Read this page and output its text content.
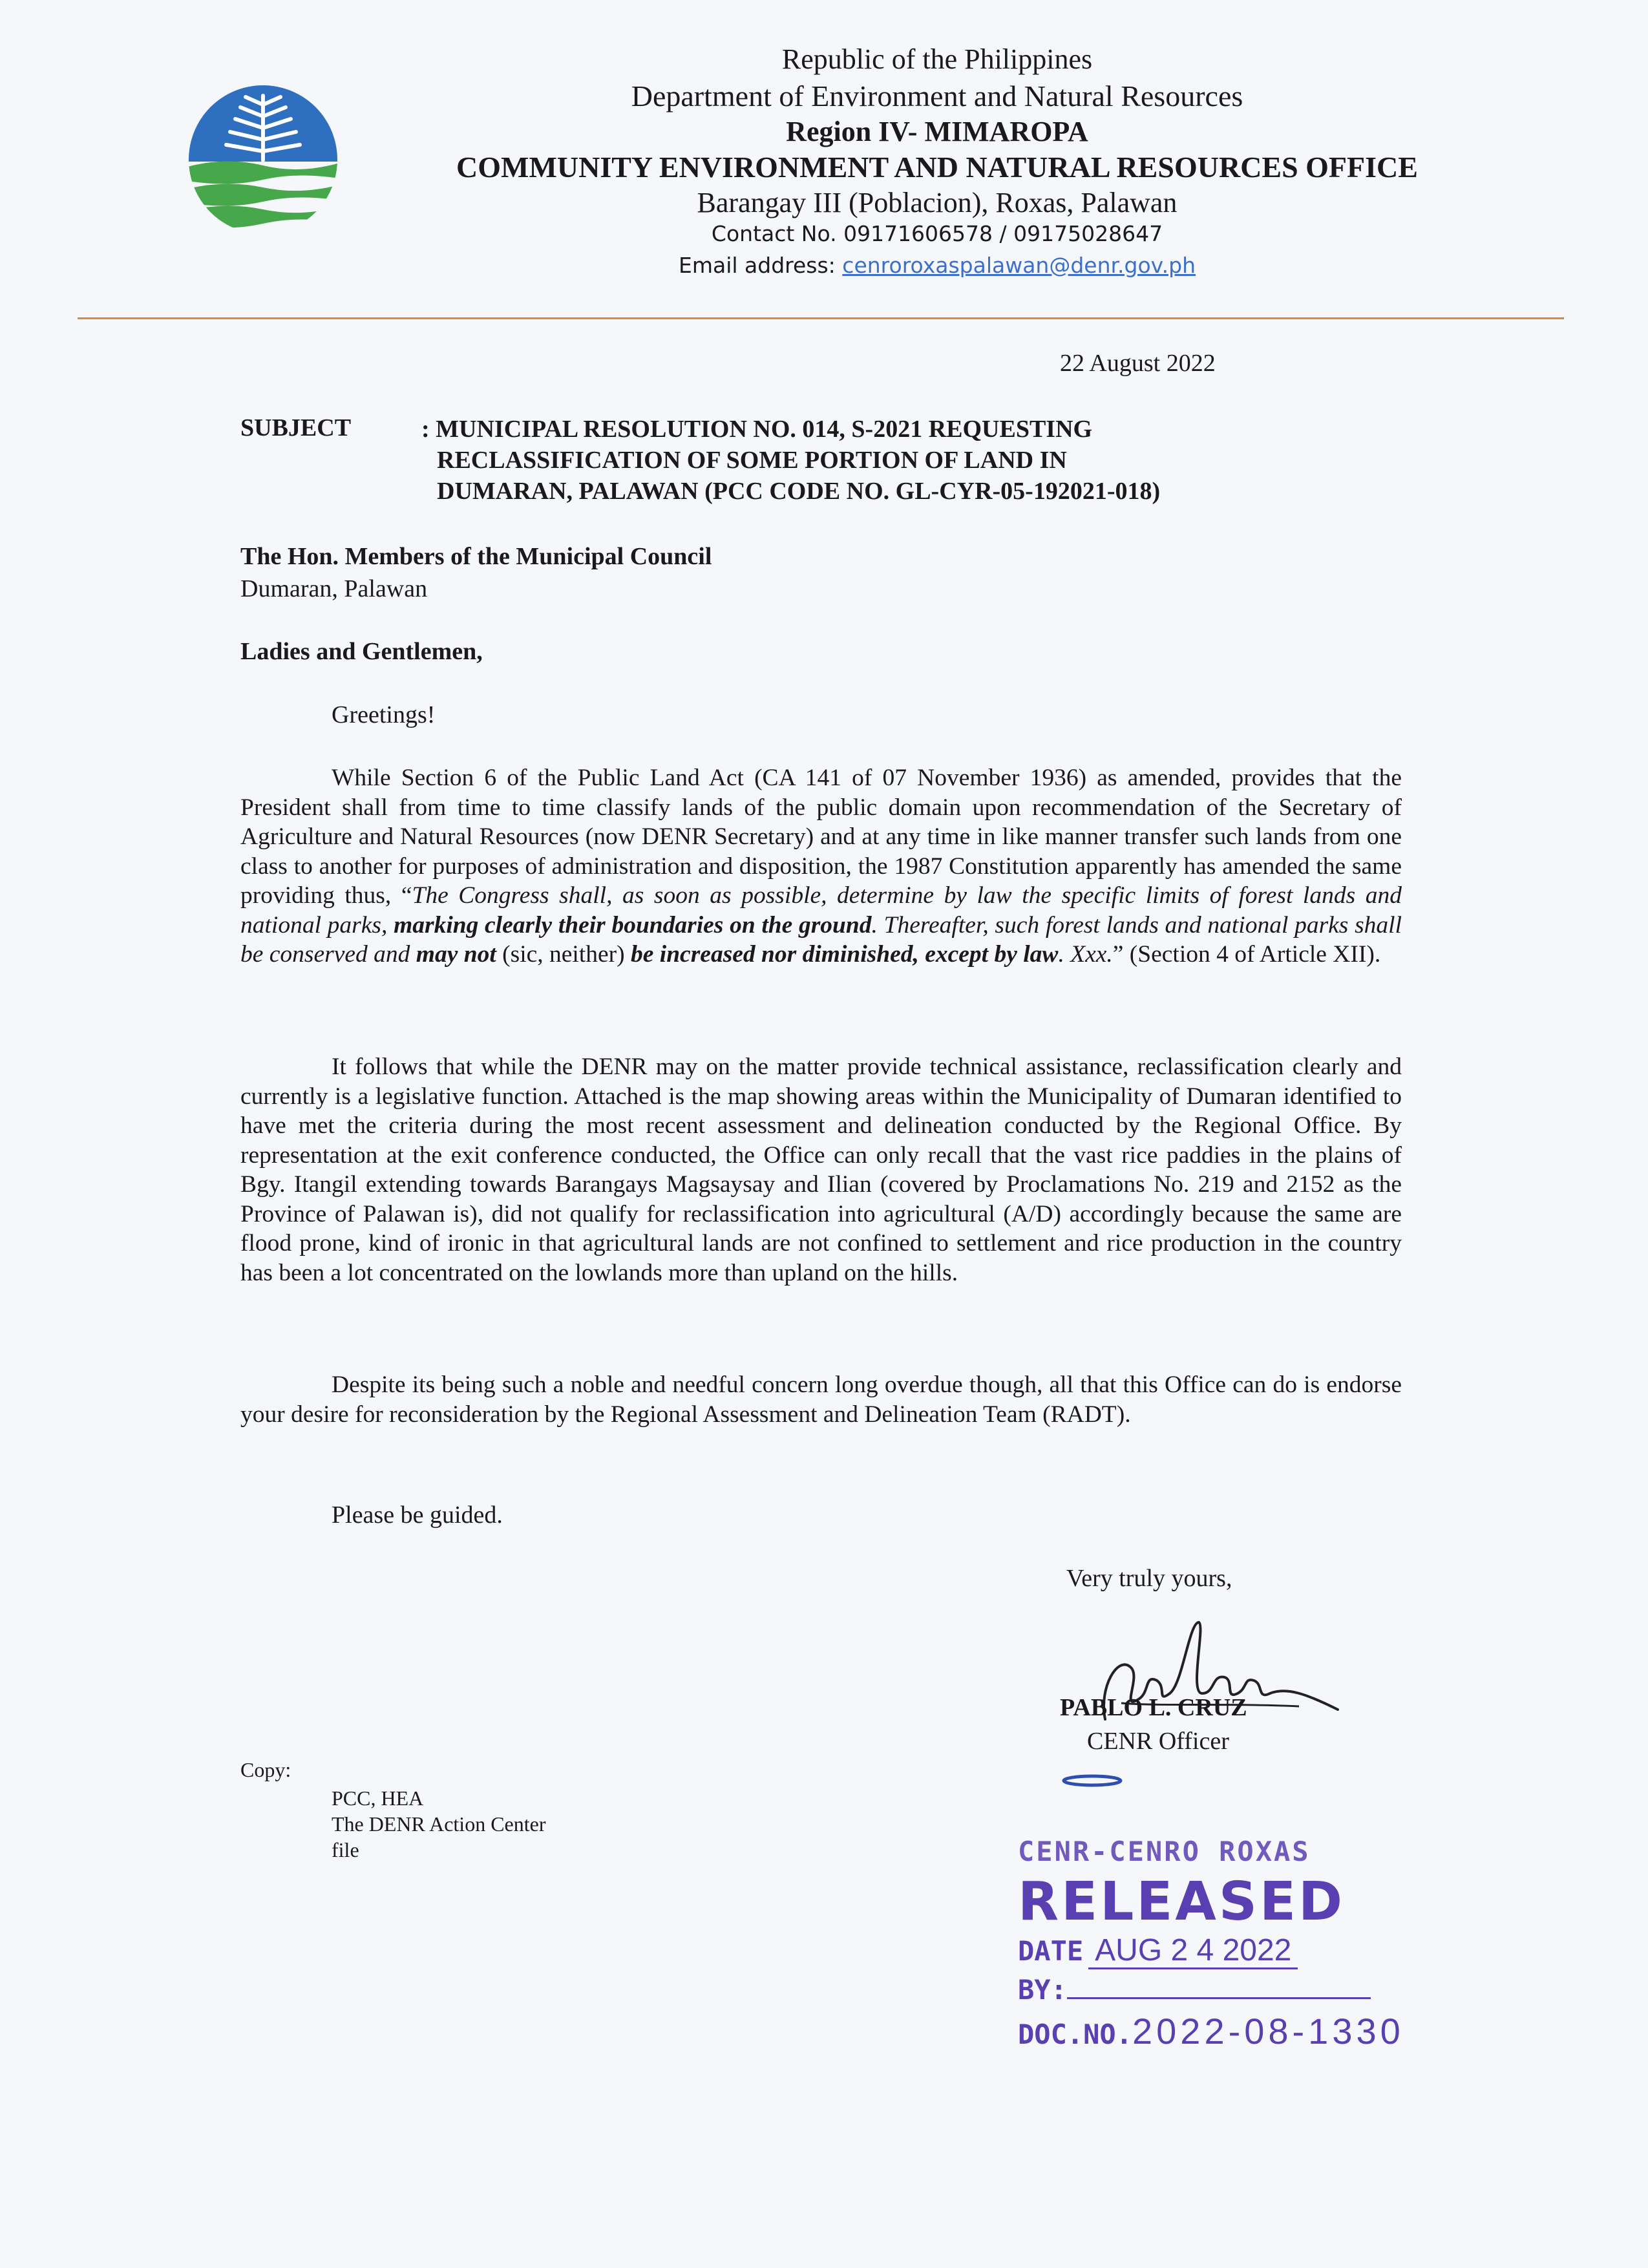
Republic of the Philippines
Department of Environment and Natural Resources
Region IV- MIMAROPA
COMMUNITY ENVIRONMENT AND NATURAL RESOURCES OFFICE
Barangay III (Poblacion), Roxas, Palawan
Contact No. 09171606578 / 09175028647
Email address: cenroroxaspalawan@denr.gov.ph
22 August 2022
SUBJECT	: MUNICIPAL RESOLUTION NO. 014, S-2021 REQUESTING
RECLASSIFICATION OF SOME PORTION OF LAND IN
DUMARAN, PALAWAN (PCC CODE NO. GL-CYR-05-192021-018)
The Hon. Members of the Municipal Council
Dumaran, Palawan
Ladies and Gentlemen,
Greetings!

While Section 6 of the Public Land Act (CA 141 of 07 November 1936) as amended, provides that the President shall from time to time classify lands of the public domain upon recommendation of the Secretary of Agriculture and Natural Resources (now DENR Secretary) and at any time in like manner transfer such lands from one class to another for purposes of administration and disposition, the 1987 Constitution apparently has amended the same providing thus, “The Congress shall, as soon as possible, determine by law the specific limits of forest lands and national parks, marking clearly their boundaries on the ground. Thereafter, such forest lands and national parks shall be conserved and may not (sic, neither) be increased nor diminished, except by law. Xxx.” (Section 4 of Article XII).

It follows that while the DENR may on the matter provide technical assistance, reclassification clearly and currently is a legislative function. Attached is the map showing areas within the Municipality of Dumaran identified to have met the criteria during the most recent assessment and delineation conducted by the Regional Office. By representation at the exit conference conducted, the Office can only recall that the vast rice paddies in the plains of Bgy. Itangil extending towards Barangays Magsaysay and Ilian (covered by Proclamations No. 219 and 2152 as the Province of Palawan is), did not qualify for reclassification into agricultural (A/D) accordingly because the same are flood prone, kind of ironic in that agricultural lands are not confined to settlement and rice production in the country has been a lot concentrated on the lowlands more than upland on the hills.

Despite its being such a noble and needful concern long overdue though, all that this Office can do is endorse your desire for reconsideration by the Regional Assessment and Delineation Team (RADT).

Please be guided.
Very truly yours,
PABLO L. CRUZ
CENR Officer
Copy:
PCC, HEA
The DENR Action Center
file	CENR-CENRO ROXAS
RELEASED
DATE AUG 2 4 2022
BY:
DOC.NO.2022-08-1330
